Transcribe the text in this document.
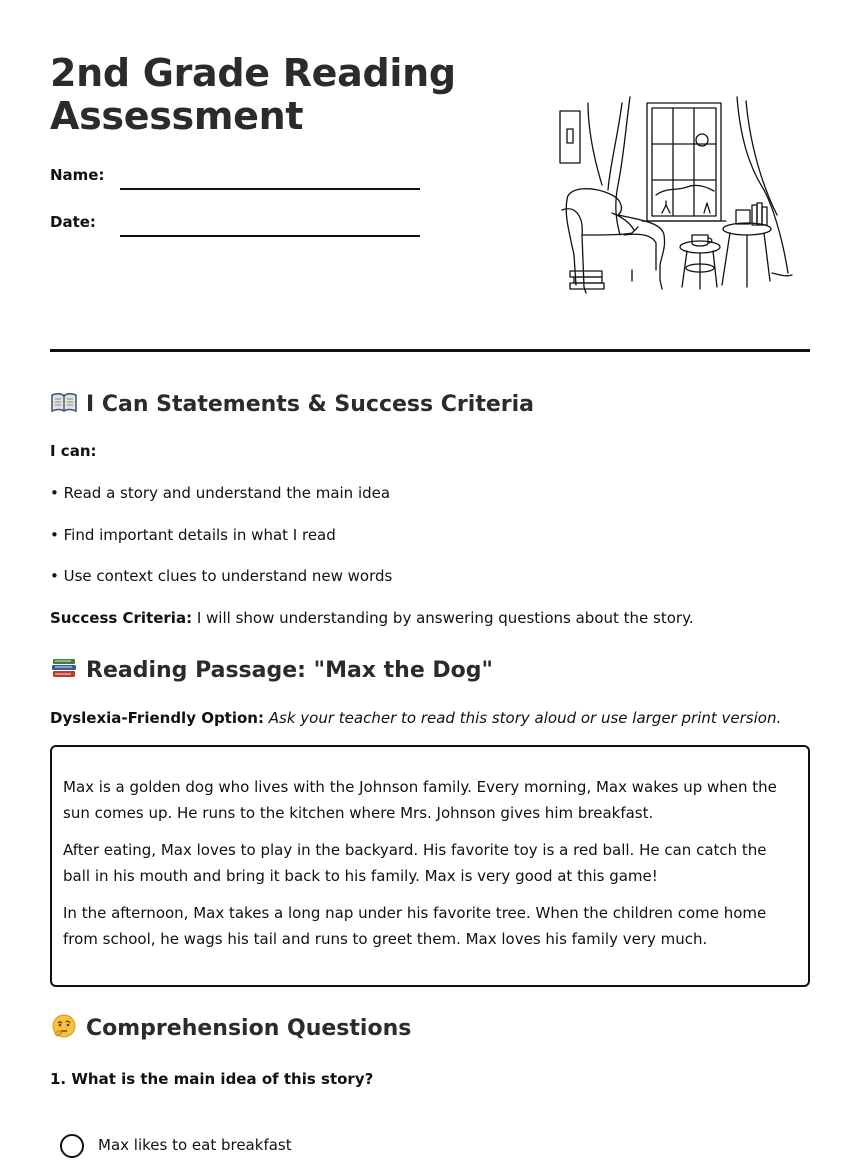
2nd Grade Reading
Assessment
Name:
Date:
I Can Statements & Success Criteria
I can:
• Read a story and understand the main idea
• Find important details in what I read
• Use context clues to understand new words
Success Criteria: I will show understanding by answering questions about the story.
Reading Passage: "Max the Dog"
Dyslexia-Friendly Option: Ask your teacher to read this story aloud or use larger print version.

Max is a golden dog who lives with the Johnson family. Every morning, Max wakes up when the sun comes up. He runs to the kitchen where Mrs. Johnson gives him breakfast.

After eating, Max loves to play in the backyard. His favorite toy is a red ball. He can catch the ball in his mouth and bring it back to his family. Max is very good at this game!

In the afternoon, Max takes a long nap under his favorite tree. When the children come home from school, he wags his tail and runs to greet them. Max loves his family very much.

Comprehension Questions
1. What is the main idea of this story?
Max likes to eat breakfast
